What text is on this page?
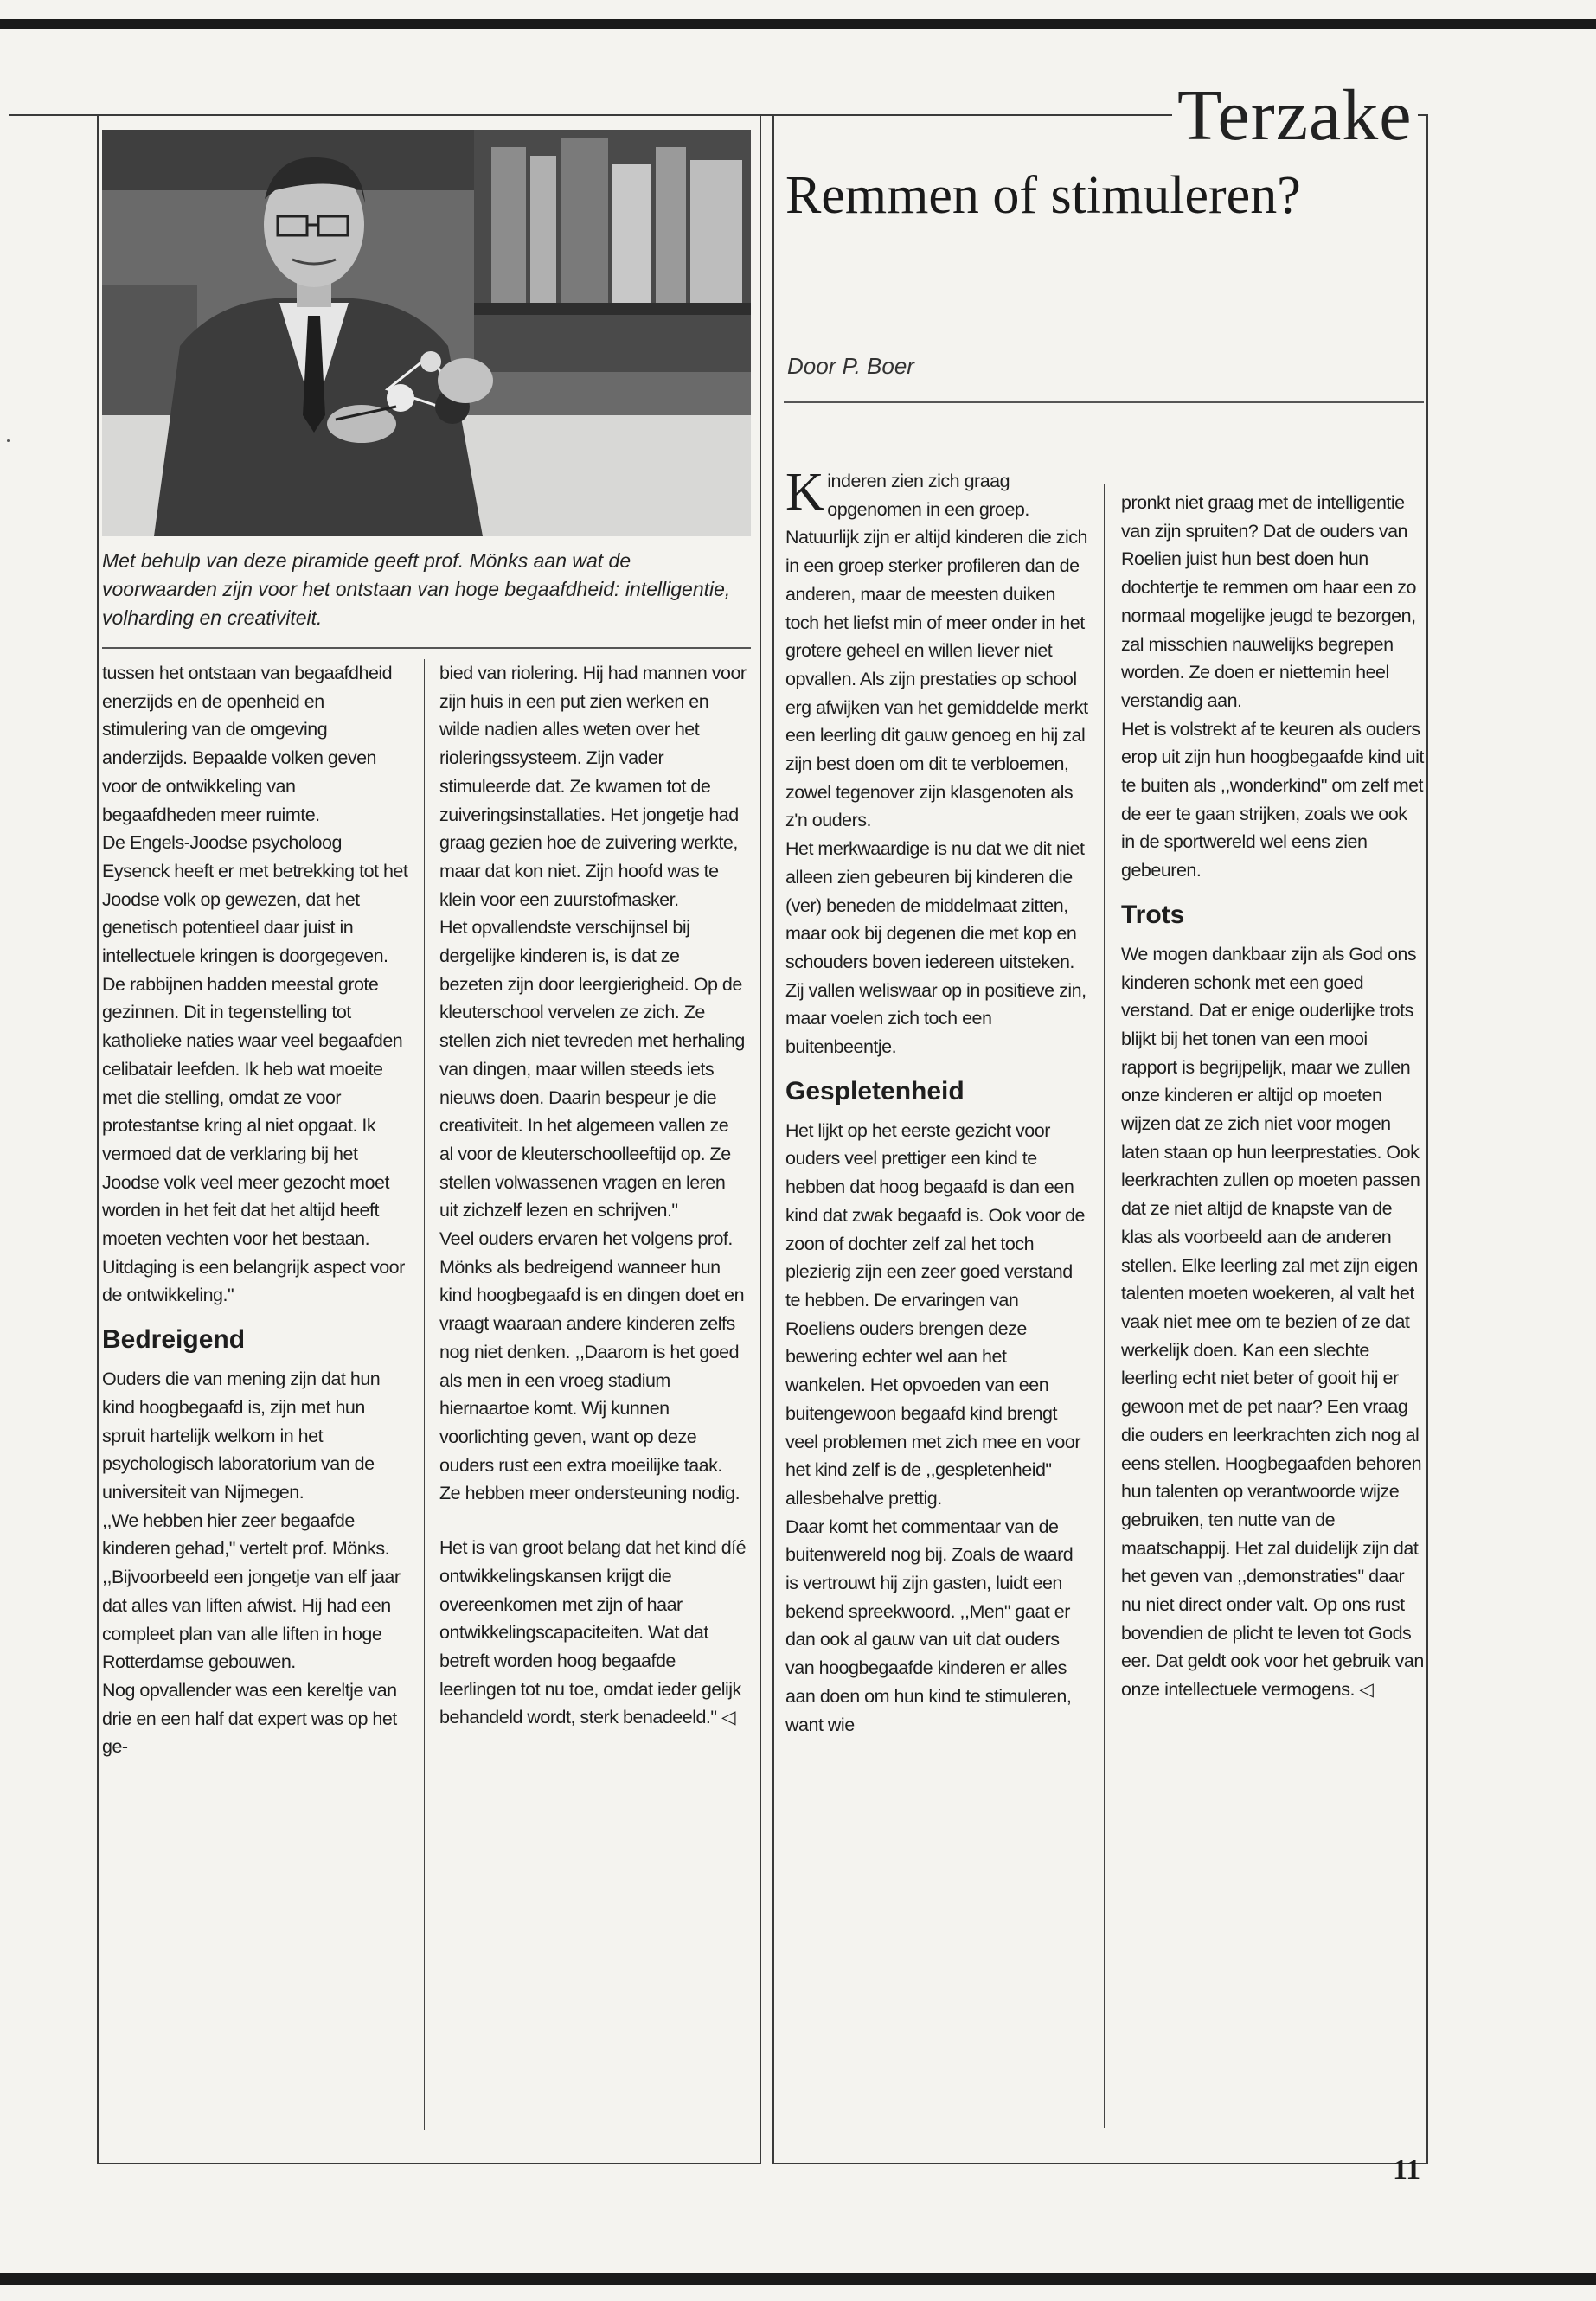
Terzake
Met behulp van deze piramide geeft prof. Mönks aan wat de voorwaarden zijn voor het ontstaan van hoge begaafdheid: intelligentie, volharding en creativiteit.
Remmen of stimuleren?
Door P. Boer

tussen het ontstaan van begaafdheid enerzijds en de openheid en stimulering van de omgeving anderzijds. Bepaalde volken geven voor de ontwikkeling van begaafdheden meer ruimte.

De Engels-Joodse psycholoog Eysenck heeft er met betrekking tot het Joodse volk op gewezen, dat het genetisch potentieel daar juist in intellectuele kringen is doorgegeven. De rabbijnen hadden meestal grote gezinnen. Dit in tegenstelling tot katholieke naties waar veel begaafden celibatair leefden. Ik heb wat moeite met die stelling, omdat ze voor protestantse kring al niet opgaat. Ik vermoed dat de verklaring bij het Joodse volk veel meer gezocht moet worden in het feit dat het altijd heeft moeten vechten voor het bestaan. Uitdaging is een belangrijk aspect voor de ontwikkeling."

Bedreigend

Ouders die van mening zijn dat hun kind hoogbegaafd is, zijn met hun spruit hartelijk welkom in het psychologisch laboratorium van de universiteit van Nijmegen.

,,We hebben hier zeer begaafde kinderen gehad," vertelt prof. Mönks. ,,Bijvoorbeeld een jongetje van elf jaar dat alles van liften afwist. Hij had een compleet plan van alle liften in hoge Rotterdamse gebouwen.

Nog opvallender was een kereltje van drie en een half dat expert was op het ge-

bied van riolering. Hij had mannen voor zijn huis in een put zien werken en wilde nadien alles weten over het rioleringssysteem. Zijn vader stimuleerde dat. Ze kwamen tot de zuiveringsinstallaties. Het jongetje had graag gezien hoe de zuivering werkte, maar dat kon niet. Zijn hoofd was te klein voor een zuurstofmasker.

Het opvallendste verschijnsel bij dergelijke kinderen is, is dat ze bezeten zijn door leergierigheid. Op de kleuterschool vervelen ze zich. Ze stellen zich niet tevreden met herhaling van dingen, maar willen steeds iets nieuws doen. Daarin bespeur je die creativiteit. In het algemeen vallen ze al voor de kleuterschoolleeftijd op. Ze stellen volwassenen vragen en leren uit zichzelf lezen en schrijven."

Veel ouders ervaren het volgens prof. Mönks als bedreigend wanneer hun kind hoogbegaafd is en dingen doet en vraagt waaraan andere kinderen zelfs nog niet denken. ,,Daarom is het goed als men in een vroeg stadium hiernaartoe komt. Wij kunnen voorlichting geven, want op deze ouders rust een extra moeilijke taak. Ze hebben meer ondersteuning nodig.

Het is van groot belang dat het kind díé ontwikkelingskansen krijgt die overeenkomen met zijn of haar ontwikkelingscapaciteiten. Wat dat betreft worden hoog begaafde leerlingen tot nu toe, omdat ieder gelijk behandeld wordt, sterk benadeeld." ◁

Kinderen zien zich graag opgenomen in een groep. Natuurlijk zijn er altijd kinderen die zich in een groep sterker profileren dan de anderen, maar de meesten duiken toch het liefst min of meer onder in het grotere geheel en willen liever niet opvallen. Als zijn prestaties op school erg afwijken van het gemiddelde merkt een leerling dit gauw genoeg en hij zal zijn best doen om dit te verbloemen, zowel tegenover zijn klasgenoten als z'n ouders.

Het merkwaardige is nu dat we dit niet alleen zien gebeuren bij kinderen die (ver) beneden de middelmaat zitten, maar ook bij degenen die met kop en schouders boven iedereen uitsteken. Zij vallen weliswaar op in positieve zin, maar voelen zich toch een buitenbeentje.

Gespletenheid

Het lijkt op het eerste gezicht voor ouders veel prettiger een kind te hebben dat hoog begaafd is dan een kind dat zwak begaafd is. Ook voor de zoon of dochter zelf zal het toch plezierig zijn een zeer goed verstand te hebben. De ervaringen van Roeliens ouders brengen deze bewering echter wel aan het wankelen. Het opvoeden van een buitengewoon begaafd kind brengt veel problemen met zich mee en voor het kind zelf is de ,,gespletenheid" allesbehalve prettig.

Daar komt het commentaar van de buitenwereld nog bij. Zoals de waard is vertrouwt hij zijn gasten, luidt een bekend spreekwoord. ,,Men" gaat er dan ook al gauw van uit dat ouders van hoogbegaafde kinderen er alles aan doen om hun kind te stimuleren, want wie

pronkt niet graag met de intelligentie van zijn spruiten? Dat de ouders van Roelien juist hun best doen hun dochtertje te remmen om haar een zo normaal mogelijke jeugd te bezorgen, zal misschien nauwelijks begrepen worden. Ze doen er niettemin heel verstandig aan.

Het is volstrekt af te keuren als ouders erop uit zijn hun hoogbegaafde kind uit te buiten als ,,wonderkind" om zelf met de eer te gaan strijken, zoals we ook in de sportwereld wel eens zien gebeuren.

Trots

We mogen dankbaar zijn als God ons kinderen schonk met een goed verstand. Dat er enige ouderlijke trots blijkt bij het tonen van een mooi rapport is begrijpelijk, maar we zullen onze kinderen er altijd op moeten wijzen dat ze zich niet voor mogen laten staan op hun leerprestaties. Ook leerkrachten zullen op moeten passen dat ze niet altijd de knapste van de klas als voorbeeld aan de anderen stellen. Elke leerling zal met zijn eigen talenten moeten woekeren, al valt het vaak niet mee om te bezien of ze dat werkelijk doen. Kan een slechte leerling echt niet beter of gooit hij er gewoon met de pet naar? Een vraag die ouders en leerkrachten zich nog al eens stellen. Hoogbegaafden behoren hun talenten op verantwoorde wijze gebruiken, ten nutte van de maatschappij. Het zal duidelijk zijn dat het geven van ,,demonstraties" daar nu niet direct onder valt. Op ons rust bovendien de plicht te leven tot Gods eer. Dat geldt ook voor het gebruik van onze intellectuele vermogens. ◁

11
